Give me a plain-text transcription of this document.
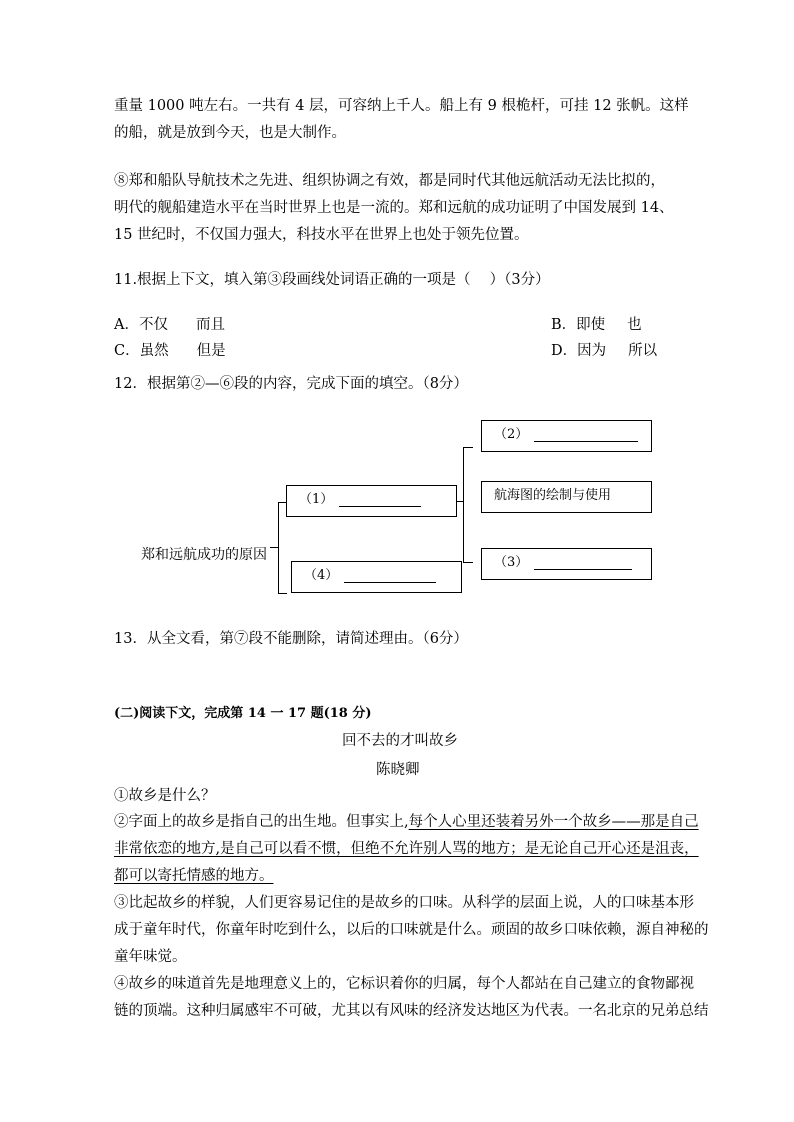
重量 1000 吨左右。一共有 4 层，可容纳上千人。船上有 9 根桅杆，可挂 12 张帆。这样
的船，就是放到今天，也是大制作。
⑧郑和船队导航技术之先进、组织协调之有效，都是同时代其他远航活动无法比拟的，
明代的舰船建造水平在当时世界上也是一流的。郑和远航的成功证明了中国发展到 14、
15 世纪时，不仅国力强大，科技水平在世界上也处于领先位置。
11.根据上下文，填入第③段画线处词语正确的一项是（　 ）（3分）
A．不仅 而且	B．即使 也
C．虽然 但是	D．因为 所以
12．根据第②—⑥段的内容，完成下面的填空。（8分）
郑和远航成功的原因
（1）
（4）
（2）
航海图的绘制与使用
（3）
13．从全文看，第⑦段不能删除，请简述理由。（6分）
(二)阅读下文，完成第 14 一 17 题(18 分)
回不去的才叫故乡
陈晓卿
①故乡是什么？
②字面上的故乡是指自己的出生地。但事实上,每个人心里还装着另外一个故乡——那是自己
非常依恋的地方,是自己可以看不惯，但绝不允许别人骂的地方；是无论自己开心还是沮丧，
都可以寄托情感的地方。
③比起故乡的样貌，人们更容易记住的是故乡的口味。从科学的层面上说，人的口味基本形
成于童年时代，你童年时吃到什么，以后的口味就是什么。顽固的故乡口味依赖，源自神秘的
童年味觉。
④故乡的味道首先是地理意义上的，它标识着你的归属，每个人都站在自己建立的食物鄙视
链的顶端。这种归属感牢不可破，尤其以有风味的经济发达地区为代表。一名北京的兄弟总结
